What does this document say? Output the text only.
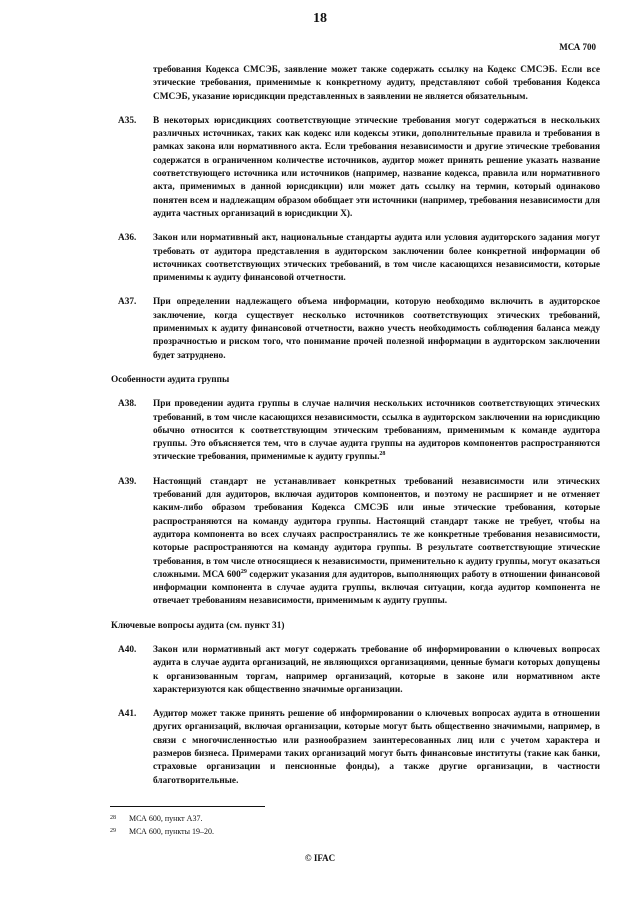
18
МСА 700

требования Кодекса СМСЭБ, заявление может также содержать ссылку на Кодекс СМСЭБ. Если все этические требования, применимые к конкретному аудиту, представляют собой требования Кодекса СМСЭБ, указание юрисдикции представленных в заявлении не является обязательным.

A35.	В некоторых юрисдикциях соответствующие этические требования могут содержаться в нескольких различных источниках, таких как кодекс или кодексы этики, дополнительные правила и требования в рамках закона или нормативного акта. Если требования независимости и другие этические требования содержатся в ограниченном количестве источников, аудитор может принять решение указать название соответствующего источника или источников (например, название кодекса, правила или нормативного акта, применимых в данной юрисдикции) или может дать ссылку на термин, который одинаково понятен всем и надлежащим образом обобщает эти источники (например, требования независимости для аудита частных организаций в юрисдикции X).
A36.	Закон или нормативный акт, национальные стандарты аудита или условия аудиторского задания могут требовать от аудитора представления в аудиторском заключении более конкретной информации об источниках соответствующих этических требований, в том числе касающихся независимости, которые применимы к аудиту финансовой отчетности.
A37.	При определении надлежащего объема информации, которую необходимо включить в аудиторское заключение, когда существует несколько источников соответствующих этических требований, применимых к аудиту финансовой отчетности, важно учесть необходимость соблюдения баланса между прозрачностью и риском того, что понимание прочей полезной информации в аудиторском заключении будет затруднено.
Особенности аудита группы
A38.	При проведении аудита группы в случае наличия нескольких источников соответствующих этических требований, в том числе касающихся независимости, ссылка в аудиторском заключении на юрисдикцию обычно относится к соответствующим этическим требованиям, применимым к команде аудитора группы. Это объясняется тем, что в случае аудита группы на аудиторов компонентов распространяются этические требования, применимые к аудиту группы.$^{28}$
A39.	Настоящий стандарт не устанавливает конкретных требований независимости или этических требований для аудиторов, включая аудиторов компонентов, и поэтому не расширяет и не отменяет каким-либо образом требования Кодекса СМСЭБ или иные этические требования, которые распространяются на команду аудитора группы. Настоящий стандарт также не требует, чтобы на аудитора компонента во всех случаях распространялись те же конкретные требования независимости, которые распространяются на команду аудитора группы. В результате соответствующие этические требования, в том числе относящиеся к независимости, применительно к аудиту группы, могут оказаться сложными. МСА $600^{29}$ содержит указания для аудиторов, выполняющих работу в отношении финансовой информации компонента в случае аудита группы, включая ситуации, когда аудитор компонента не отвечает требованиям независимости, применимым к аудиту группы.
Ключевые вопросы аудита (см. пункт 31)
A40.	Закон или нормативный акт могут содержать требование об информировании о ключевых вопросах аудита в случае аудита организаций, не являющихся организациями, ценные бумаги которых допущены к организованным торгам, например организаций, которые в законе или нормативном акте характеризуются как общественно значимые организации.
A41.	Аудитор может также принять решение об информировании о ключевых вопросах аудита в отношении других организаций, включая организации, которые могут быть общественно значимыми, например, в связи с многочисленностью или разнообразием заинтересованных лиц или с учетом характера и размеров бизнеса. Примерами таких организаций могут быть финансовые институты (такие как банки, страховые организации и пенсионные фонды), а также другие организации, в частности благотворительные.
28	МСА 600, пункт А37.
29	МСА 600, пункты 19–20.
© IFAC
